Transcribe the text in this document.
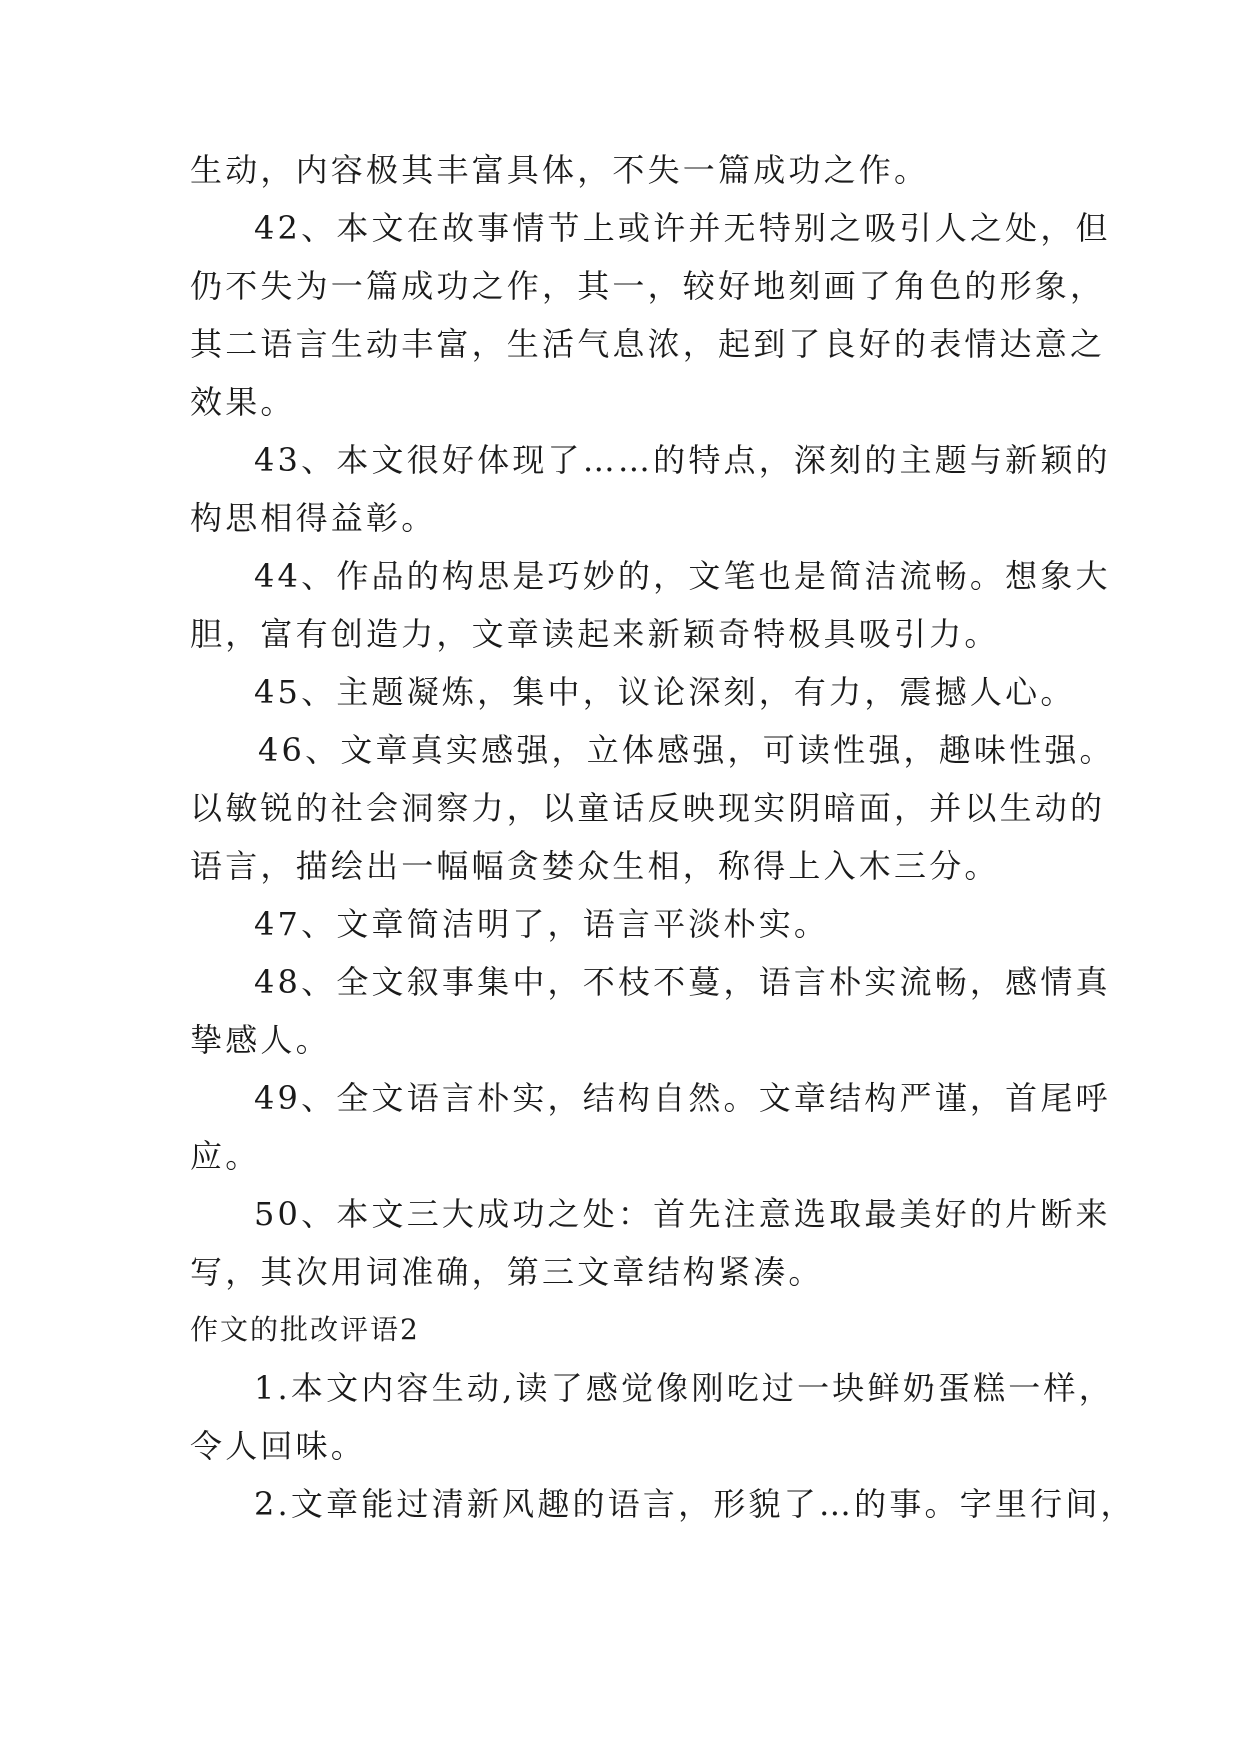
生动，内容极其丰富具体，不失一篇成功之作。
42、本文在故事情节上或许并无特别之吸引人之处，但
仍不失为一篇成功之作，其一，较好地刻画了角色的形象，
其二语言生动丰富，生活气息浓，起到了良好的表情达意之
效果。
43、本文很好体现了……的特点，深刻的主题与新颖的
构思相得益彰。
44、作品的构思是巧妙的，文笔也是简洁流畅。想象大
胆，富有创造力，文章读起来新颖奇特极具吸引力。
45、主题凝炼，集中，议论深刻，有力，震撼人心。
46、文章真实感强，立体感强，可读性强，趣味性强。
以敏锐的社会洞察力，以童话反映现实阴暗面，并以生动的
语言，描绘出一幅幅贪婪众生相，称得上入木三分。
47、文章简洁明了，语言平淡朴实。
48、全文叙事集中，不枝不蔓，语言朴实流畅，感情真
挚感人。
49、全文语言朴实，结构自然。文章结构严谨，首尾呼
应。
50、本文三大成功之处：首先注意选取最美好的片断来
写，其次用词准确，第三文章结构紧凑。
作文的批改评语2
1.本文内容生动,读了感觉像刚吃过一块鲜奶蛋糕一样，
令人回味。
2.文章能过清新风趣的语言，形貌了…的事。字里行间，
